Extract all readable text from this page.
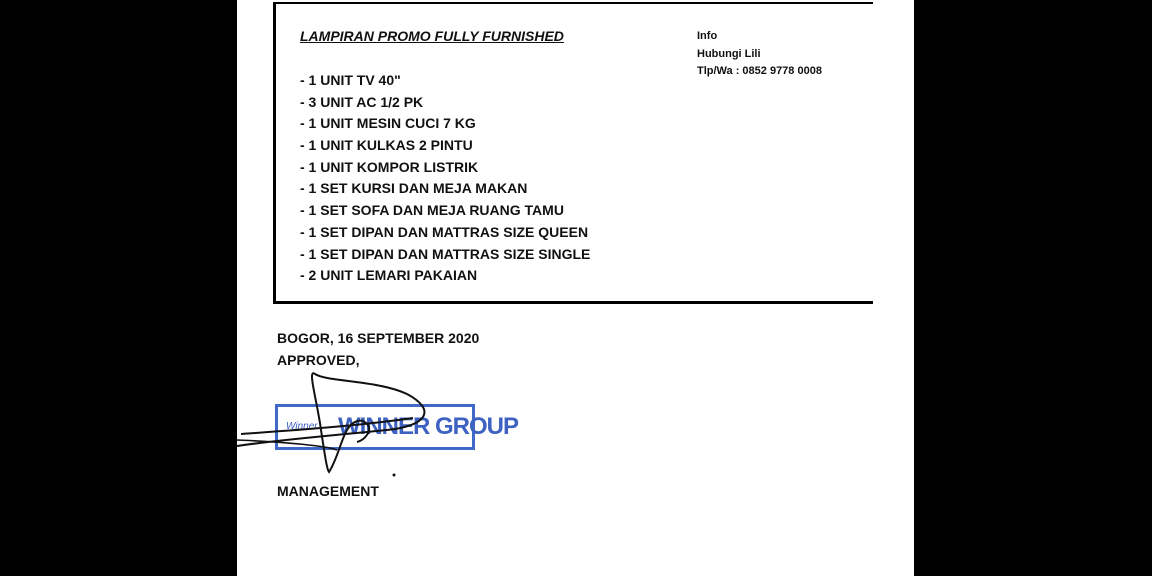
LAMPIRAN PROMO FULLY FURNISHED

- 1 UNIT TV 40"
- 3 UNIT AC 1/2 PK
- 1 UNIT MESIN CUCI 7 KG
- 1 UNIT KULKAS 2 PINTU
- 1 UNIT KOMPOR LISTRIK
- 1 SET KURSI DAN MEJA MAKAN
- 1 SET SOFA DAN MEJA RUANG TAMU
- 1 SET DIPAN DAN MATTRAS SIZE QUEEN
- 1 SET DIPAN DAN MATTRAS SIZE SINGLE
- 2 UNIT LEMARI PAKAIAN
Info
Hubungi Lili
Tlp/Wa : 0852 9778 0008
BOGOR, 16 SEPTEMBER 2020
APPROVED,
Winner WINNER GROUP
MANAGEMENT
